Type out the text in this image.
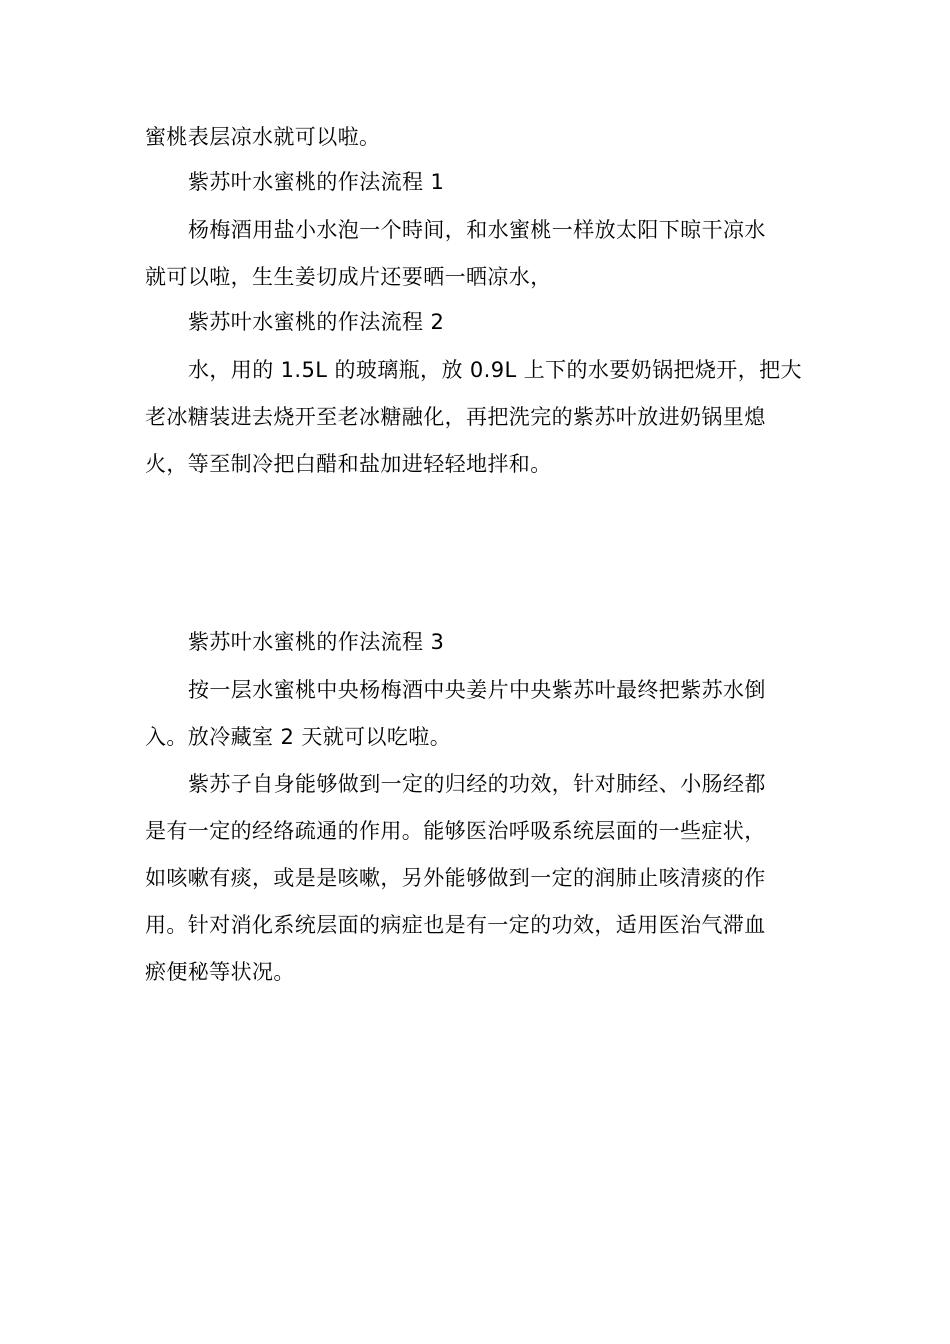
蜜桃表层凉水就可以啦。
紫苏叶水蜜桃的作法流程 1
杨梅酒用盐小水泡一个時间，和水蜜桃一样放太阳下晾干凉水
就可以啦，生生姜切成片还要晒一晒凉水，
紫苏叶水蜜桃的作法流程 2
水，用的 1.5L 的玻璃瓶，放 0.9L 上下的水要奶锅把烧开，把大
老冰糖装进去烧开至老冰糖融化，再把洗完的紫苏叶放进奶锅里熄
火，等至制冷把白醋和盐加进轻轻地拌和。
紫苏叶水蜜桃的作法流程 3
按一层水蜜桃中央杨梅酒中央姜片中央紫苏叶最终把紫苏水倒
入。放冷藏室 2 天就可以吃啦。
紫苏子自身能够做到一定的归经的功效，针对肺经、小肠经都
是有一定的经络疏通的作用。能够医治呼吸系统层面的一些症状，
如咳嗽有痰，或是是咳嗽，另外能够做到一定的润肺止咳清痰的作
用。针对消化系统层面的病症也是有一定的功效，适用医治气滞血
瘀便秘等状况。
